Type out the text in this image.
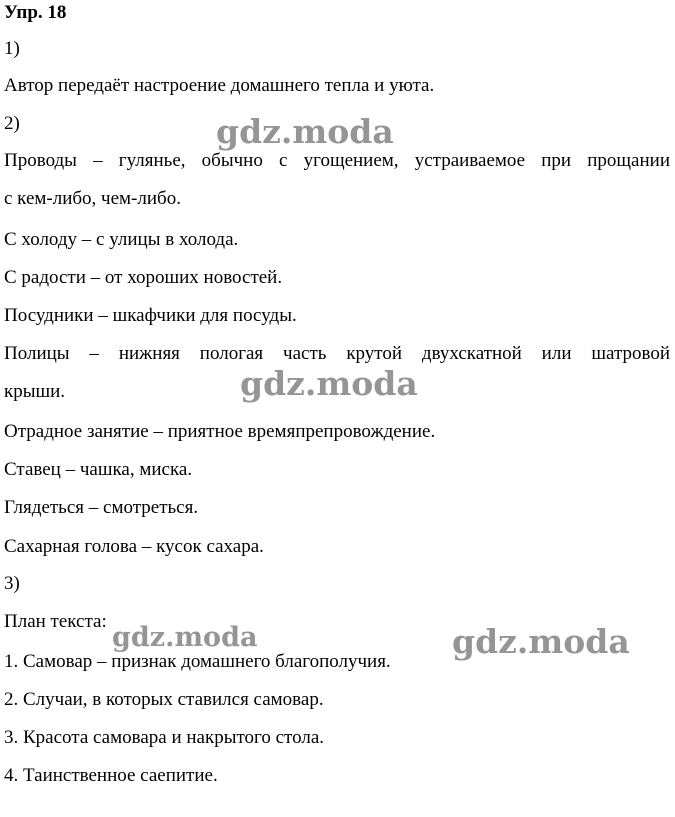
Упр. 18
1)
Автор передаёт настроение домашнего тепла и уюта.
2)
Проводы – гулянье, обычно с угощением, устраиваемое при прощании
с кем-либо, чем-либо.
С холоду – с улицы в холода.
С радости – от хороших новостей.
Посудники – шкафчики для посуды.
Полицы – нижняя пологая часть крутой двухскатной или шатровой
крыши.
Отрадное занятие – приятное времяпрепровождение.
Ставец – чашка, миска.
Глядеться – смотреться.
Сахарная голова – кусок сахара.
3)
План текста:
1. Самовар – признак домашнего благополучия.
2. Случаи, в которых ставился самовар.
3. Красота самовара и накрытого стола.
4. Таинственное саепитие.
gdz.moda
gdz.moda
gdz.moda	gdz.moda
